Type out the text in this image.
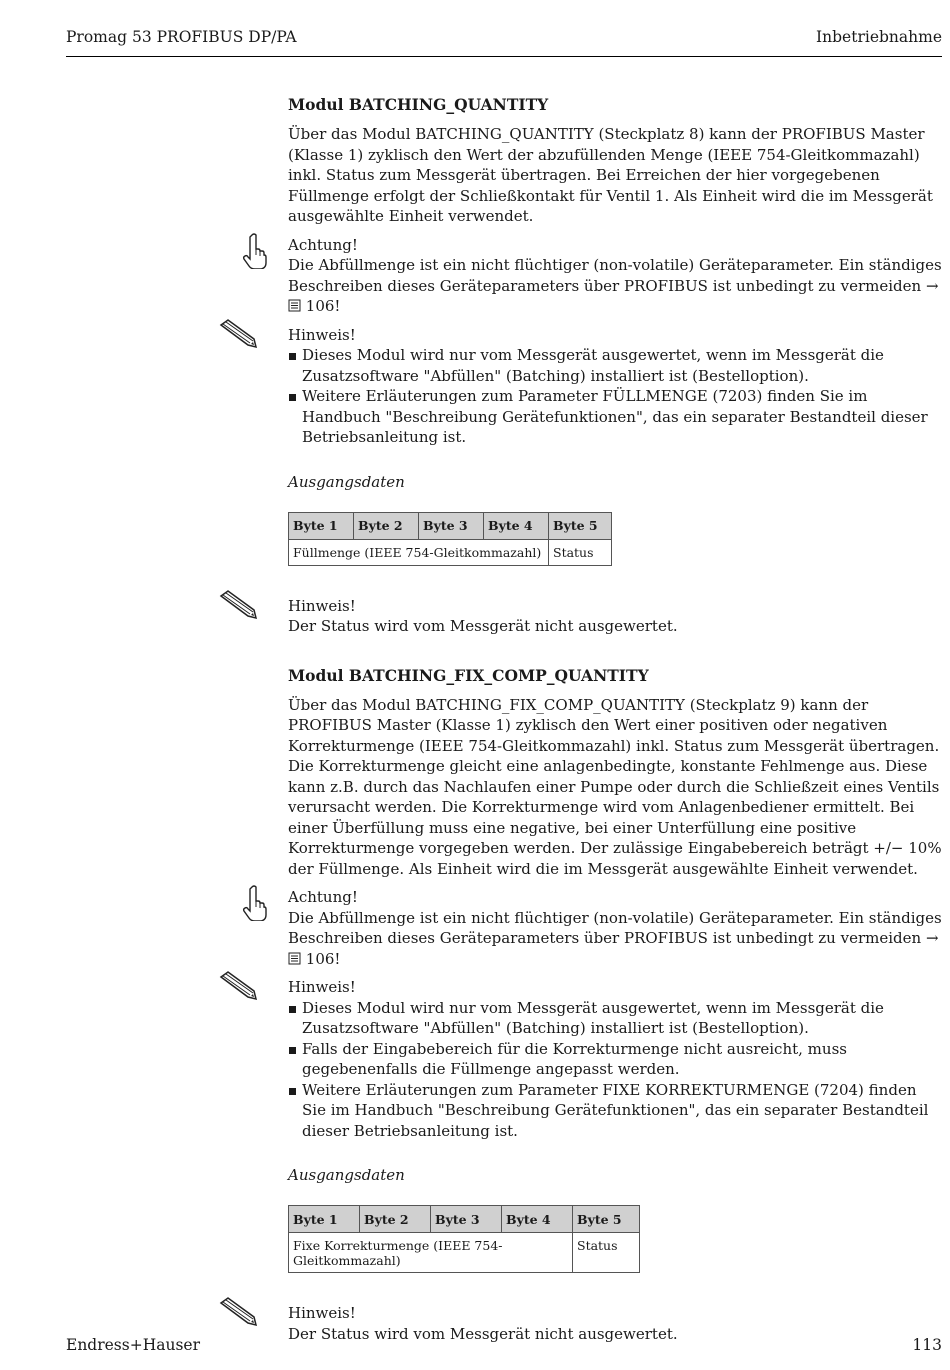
Promag 53 PROFIBUS DP/PA	Inbetriebnahme
Modul BATCHING_QUANTITY

Über das Modul BATCHING_QUANTITY (Steckplatz 8) kann der PROFIBUS Master (Klasse 1) zyklisch den Wert der abzufüllenden Menge (IEEE 754-Gleitkommazahl) inkl. Status zum Messgerät übertragen. Bei Erreichen der hier vorgegebenen Füllmenge erfolgt der Schließkontakt für Ventil 1. Als Einheit wird die im Messgerät ausgewählte Einheit verwendet.

Achtung!
Die Abfüllmenge ist ein nicht flüchtiger (non-volatile) Geräteparameter. Ein ständiges Beschreiben dieses Geräteparameters über PROFIBUS ist unbedingt zu vermeiden →  106!
Hinweis!
Dieses Modul wird nur vom Messgerät ausgewertet, wenn im Messgerät die Zusatzsoftware "Abfüllen" (Batching) installiert ist (Bestelloption).
Weitere Erläuterungen zum Parameter FÜLLMENGE (7203) finden Sie im Handbuch "Beschreibung Gerätefunktionen", das ein separater Bestandteil dieser Betriebsanleitung ist.
Ausgangsdaten
Byte 1	Byte 2	Byte 3	Byte 4	Byte 5
Füllmenge (IEEE 754-Gleitkommazahl)				Status
Hinweis!
Der Status wird vom Messgerät nicht ausgewertet.
Modul BATCHING_FIX_COMP_QUANTITY

Über das Modul BATCHING_FIX_COMP_QUANTITY (Steckplatz 9) kann der PROFIBUS Master (Klasse 1) zyklisch den Wert einer positiven oder negativen Korrekturmenge (IEEE 754-Gleitkommazahl) inkl. Status zum Messgerät übertragen. Die Korrekturmenge gleicht eine anlagenbedingte, konstante Fehlmenge aus. Diese kann z.B. durch das Nachlaufen einer Pumpe oder durch die Schließzeit eines Ventils verursacht werden. Die Korrekturmenge wird vom Anlagenbediener ermittelt. Bei einer Überfüllung muss eine negative, bei einer Unterfüllung eine positive Korrekturmenge vorgegeben werden. Der zulässige Eingabebereich beträgt +/− 10% der Füllmenge. Als Einheit wird die im Messgerät ausgewählte Einheit verwendet.

Achtung!
Die Abfüllmenge ist ein nicht flüchtiger (non-volatile) Geräteparameter. Ein ständiges Beschreiben dieses Geräteparameters über PROFIBUS ist unbedingt zu vermeiden →  106!
Hinweis!
Dieses Modul wird nur vom Messgerät ausgewertet, wenn im Messgerät die Zusatzsoftware "Abfüllen" (Batching) installiert ist (Bestelloption).
Falls der Eingabebereich für die Korrekturmenge nicht ausreicht, muss gegebenenfalls die Füllmenge angepasst werden.
Weitere Erläuterungen zum Parameter FIXE KORREKTURMENGE (7204) finden Sie im Handbuch "Beschreibung Gerätefunktionen", das ein separater Bestandteil dieser Betriebsanleitung ist.
Ausgangsdaten
Byte 1	Byte 2	Byte 3	Byte 4	Byte 5
Fixe Korrekturmenge (IEEE 754-Gleitkommazahl)				Status
Hinweis!
Der Status wird vom Messgerät nicht ausgewertet.
Endress+Hauser	113
